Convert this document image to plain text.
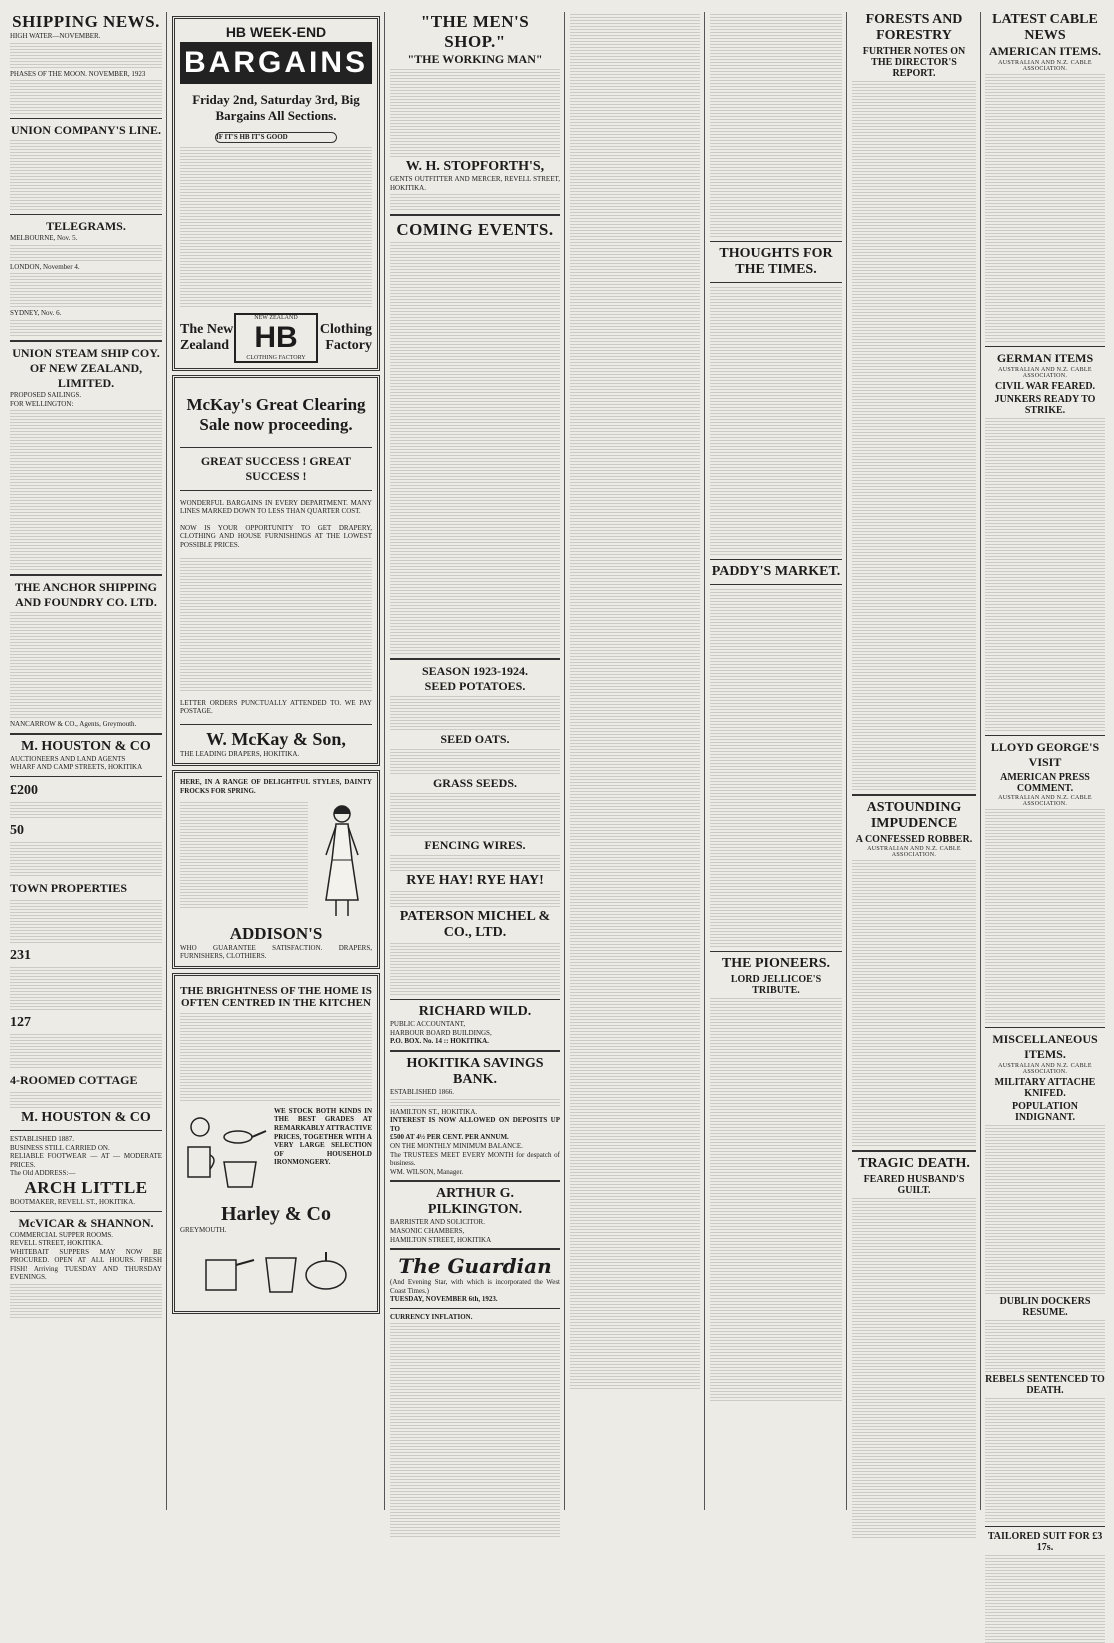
SHIPPING NEWS.
HIGH WATER—NOVEMBER.
PHASES OF THE MOON. NOVEMBER, 1923
UNION COMPANY'S LINE.
TELEGRAMS.
MELBOURNE, Nov. 5.
LONDON, November 4.
SYDNEY, Nov. 6.
UNION STEAM SHIP COY. OF NEW ZEALAND, LIMITED.
PROPOSED SAILINGS.
FOR WELLINGTON:
THE ANCHOR SHIPPING AND FOUNDRY CO. LTD.
NANCARROW & CO., Agents, Greymouth.
M. HOUSTON & CO
AUCTIONEERS AND LAND AGENTS
WHARF AND CAMP STREETS, HOKITIKA
£200
50
TOWN PROPERTIES
231
127
4-ROOMED COTTAGE
M. HOUSTON & CO
ESTABLISHED 1887.
BUSINESS STILL CARRIED ON.
RELIABLE FOOTWEAR — AT — MODERATE PRICES.
The Old ADDRESS:—
ARCH LITTLE
BOOTMAKER, REVELL ST., HOKITIKA.
McVICAR & SHANNON.
COMMERCIAL SUPPER ROOMS.
REVELL STREET, HOKITIKA.
WHITEBAIT SUPPERS MAY NOW BE PROCURED. OPEN AT ALL HOURS. FRESH FISH! Arriving TUESDAY AND THURSDAY EVENINGS.
HB WEEK-END
BARGAINS
Friday 2nd, Saturday 3rd, Big Bargains All Sections.
IF IT'S HB IT'S GOOD
The New Zealand
NEW ZEALAND
HB
CLOTHING FACTORY
Clothing Factory
McKay's Great Clearing Sale now proceeding.
GREAT SUCCESS ! GREAT SUCCESS !
WONDERFUL BARGAINS IN EVERY DEPARTMENT. MANY LINES MARKED DOWN TO LESS THAN QUARTER COST.
NOW IS YOUR OPPORTUNITY TO GET DRAPERY, CLOTHING AND HOUSE FURNISHINGS AT THE LOWEST POSSIBLE PRICES.
LETTER ORDERS PUNCTUALLY ATTENDED TO. WE PAY POSTAGE.
W. McKay & Son,
THE LEADING DRAPERS, HOKITIKA.
HERE, IN A RANGE OF DELIGHTFUL STYLES, DAINTY FROCKS FOR SPRING.
ADDISON'S
WHO GUARANTEE SATISFACTION. DRAPERS, FURNISHERS, CLOTHIERS.
THE BRIGHTNESS OF THE HOME IS OFTEN CENTRED IN THE KITCHEN
WE STOCK BOTH KINDS IN THE BEST GRADES AT REMARKABLY ATTRACTIVE PRICES, TOGETHER WITH A VERY LARGE SELECTION OF HOUSEHOLD IRONMONGERY.
Harley & Co
GREYMOUTH.
"THE MEN'S SHOP."
"THE WORKING MAN"
W. H. STOPFORTH'S,
GENTS OUTFITTER AND MERCER, REVELL STREET, HOKITIKA.
COMING EVENTS.
SEASON 1923-1924.
SEED POTATOES.
SEED OATS.
GRASS SEEDS.
FENCING WIRES.
RYE HAY! RYE HAY!
PATERSON MICHEL & CO., LTD.
RICHARD WILD.
PUBLIC ACCOUNTANT,
HARBOUR BOARD BUILDINGS,
P.O. BOX. No. 14 :: HOKITIKA.
HOKITIKA SAVINGS BANK.
ESTABLISHED 1866.
HAMILTON ST., HOKITIKA.
INTEREST IS NOW ALLOWED ON DEPOSITS UP TO
£500 AT 4½ PER CENT. PER ANNUM.
ON THE MONTHLY MINIMUM BALANCE.
The TRUSTEES MEET EVERY MONTH for despatch of business.
WM. WILSON, Manager.
ARTHUR G. PILKINGTON.
BARRISTER AND SOLICITOR.
MASONIC CHAMBERS,
HAMILTON STREET, HOKITIKA
The Guardian
(And Evening Star, with which is incorporated the West Coast Times.)
TUESDAY, NOVEMBER 6th, 1923.
CURRENCY INFLATION.
THOUGHTS FOR THE TIMES.
PADDY'S MARKET.
THE PIONEERS.
LORD JELLICOE'S TRIBUTE.
FORESTS AND FORESTRY
FURTHER NOTES ON THE DIRECTOR'S REPORT.
ASTOUNDING IMPUDENCE
A CONFESSED ROBBER.
AUSTRALIAN AND N.Z. CABLE ASSOCIATION.
TRAGIC DEATH.
FEARED HUSBAND'S GUILT.
LATEST CABLE NEWS
AMERICAN ITEMS.
AUSTRALIAN AND N.Z. CABLE ASSOCIATION.
GERMAN ITEMS
AUSTRALIAN AND N.Z. CABLE ASSOCIATION.
CIVIL WAR FEARED.
JUNKERS READY TO STRIKE.
LLOYD GEORGE'S VISIT
AMERICAN PRESS COMMENT.
AUSTRALIAN AND N.Z. CABLE ASSOCIATION.
MISCELLANEOUS ITEMS.
AUSTRALIAN AND N.Z. CABLE ASSOCIATION.
MILITARY ATTACHE KNIFED.
POPULATION INDIGNANT.
DUBLIN DOCKERS RESUME.
REBELS SENTENCED TO DEATH.
TAILORED SUIT FOR £3 17s.
